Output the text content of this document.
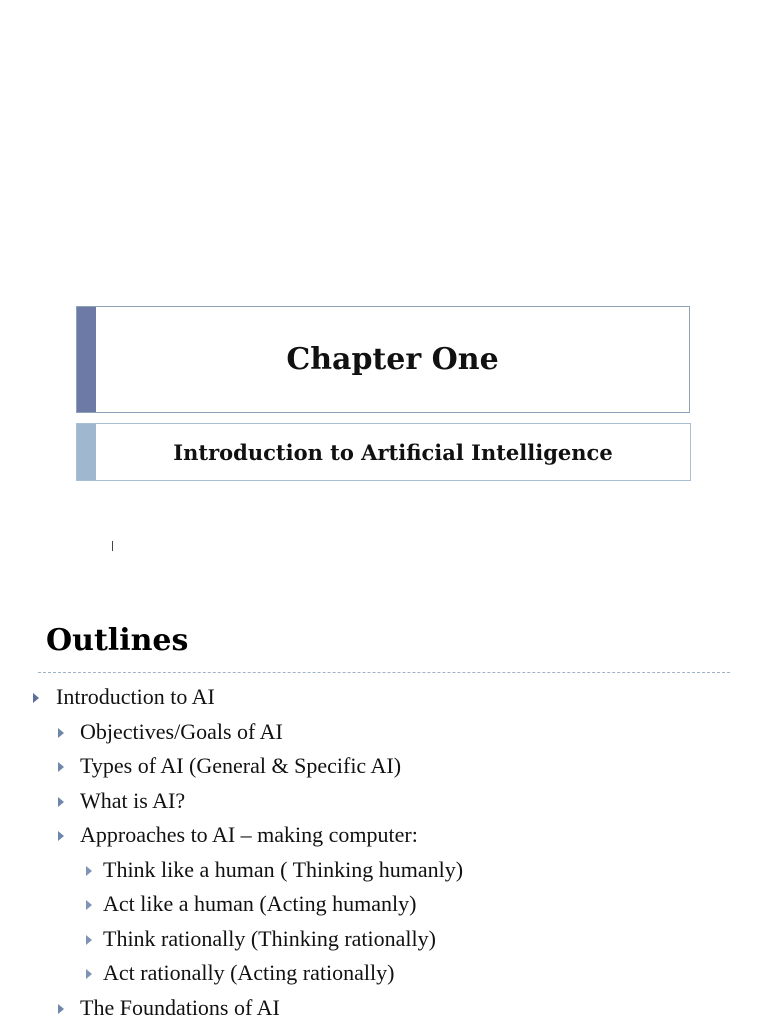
Chapter One
Introduction to Artificial Intelligence
Outlines
Introduction to AI
Objectives/Goals of AI
Types of AI (General & Specific AI)
What is AI?
Approaches to AI – making computer:
Think like a human ( Thinking humanly)
Act like a human (Acting humanly)
Think rationally (Thinking rationally)
Act rationally (Acting rationally)
The Foundations of AI
